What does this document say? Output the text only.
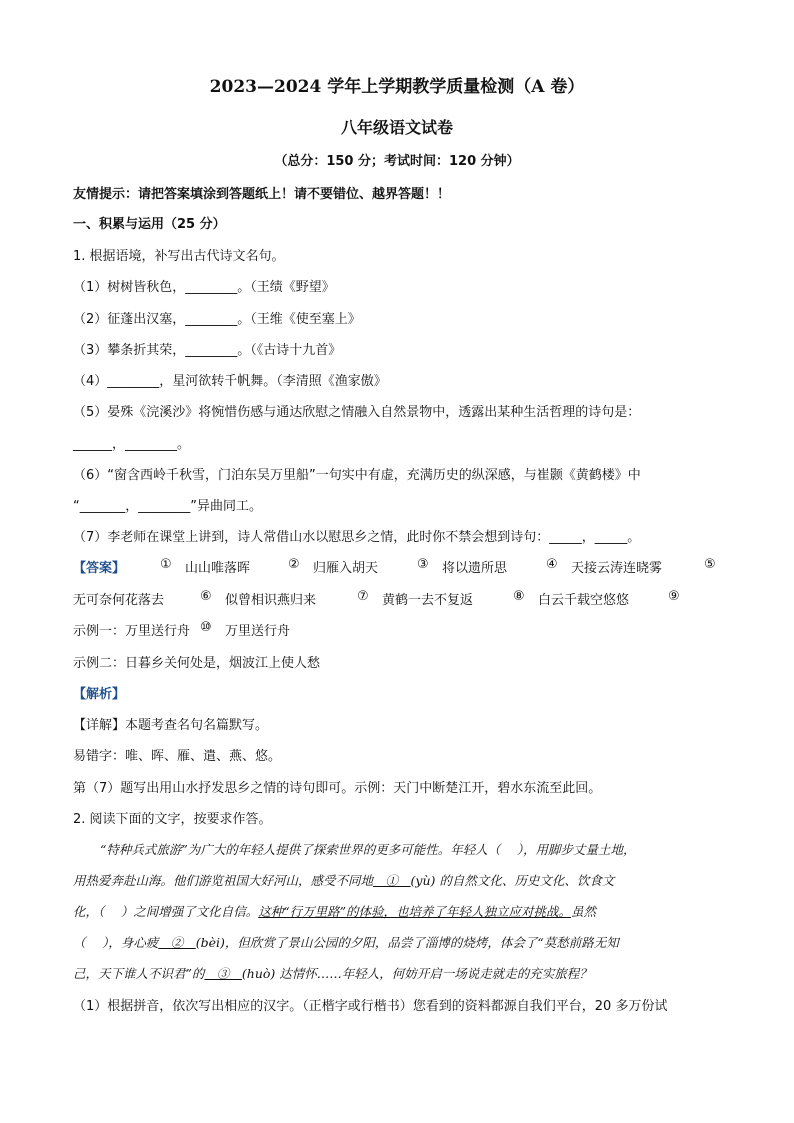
2023—2024 学年上学期教学质量检测（A 卷）
八年级语文试卷
（总分：150 分；考试时间：120 分钟）
友情提示：请把答案填涂到答题纸上！请不要错位、越界答题！！
一、积累与运用（25 分）
1. 根据语境，补写出古代诗文名句。
（1）树树皆秋色，________。（王绩《野望》
（2）征蓬出汉塞，________。（王维《使至塞上》
（3）攀条折其荣，________。（《古诗十九首》
（4）________，星河欲转千帆舞。（李清照《渔家傲》
（5）晏殊《浣溪沙》将惋惜伤感与通达欣慰之情融入自然景物中，透露出某种生活哲理的诗句是：
______，________。
（6）“窗含西岭千秋雪，门泊东吴万里船”一句实中有虚，充满历史的纵深感，与崔颢《黄鹤楼》中
“_______，________”异曲同工。
（7）李老师在课堂上讲到，诗人常借山水以慰思乡之情，此时你不禁会想到诗句：_____，_____。
【答案】	① 山山唯落晖	② 归雁入胡天	③ 将以遗所思	④ 天接云涛连晓雾	⑤
无可奈何花落去	⑥ 似曾相识燕归来	⑦ 黄鹤一去不复返	⑧ 白云千载空悠悠	⑨
示例一：万里送行舟 ⑩ 万里送行舟
示例二：日暮乡关何处是，烟波江上使人愁
【解析】
【详解】本题考查名句名篇默写。
易错字：唯、晖、雁、遣、燕、悠。
第（7）题写出用山水抒发思乡之情的诗句即可。示例：天门中断楚江开，碧水东流至此回。
2. 阅读下面的文字，按要求作答。
“特种兵式旅游”为广大的年轻人提供了探索世界的更多可能性。年轻人（　 ），用脚步丈量土地，
用热爱奔赴山海。他们游览祖国大好河山，感受不同地　①　(yù) 的自然文化、历史文化、饮食文
化，（　 ）之间增强了文化自信。这种“行万里路”的体验，也培养了年轻人独立应对挑战。虽然
（　 ），身心疲　②　(bèi)，但欣赏了景山公园的夕阳，品尝了淄博的烧烤，体会了“莫愁前路无知
己，天下谁人不识君”的　③　(huò) 达情怀……年轻人，何妨开启一场说走就走的充实旅程？
（1）根据拼音，依次写出相应的汉字。（正楷字或行楷书）您看到的资料都源自我们平台，20 多万份试
